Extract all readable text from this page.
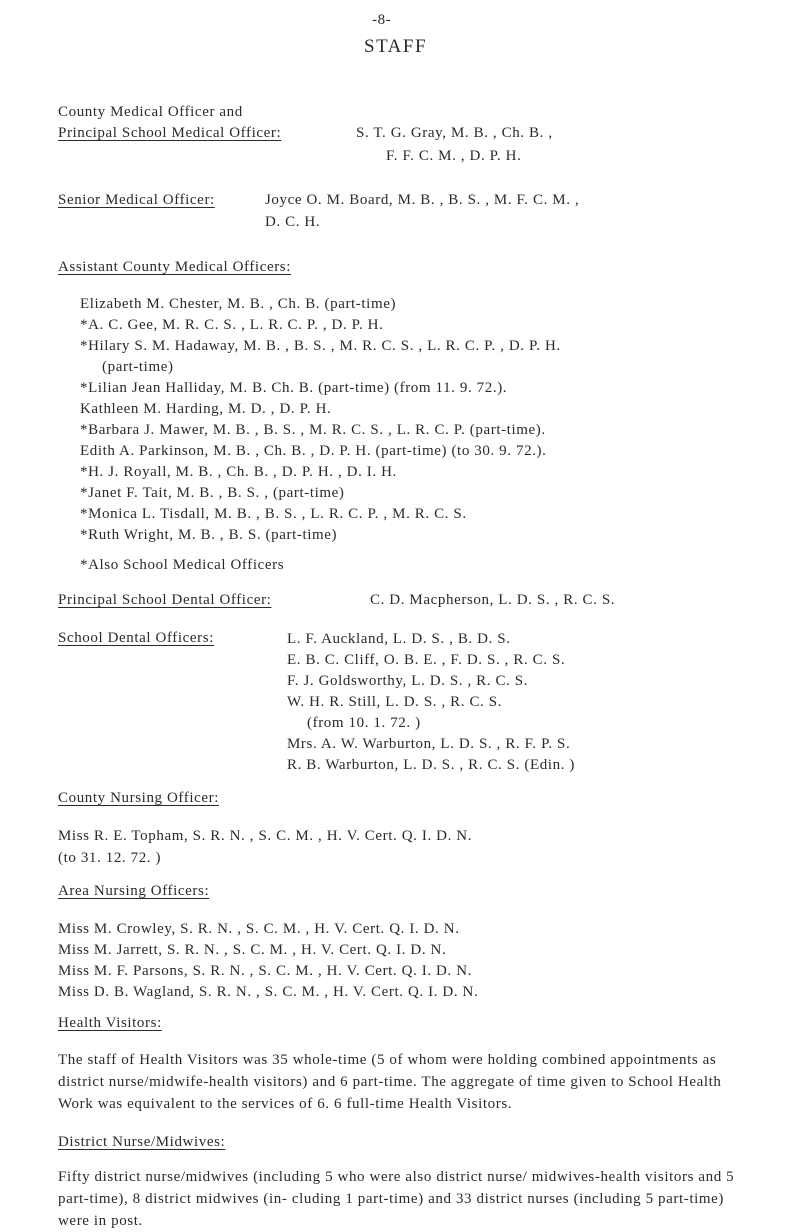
-8-
STAFF
County Medical Officer and
Principal School Medical Officer:	S. T. G. Gray, M. B. , Ch. B. ,
F. F. C. M. , D. P. H.
Senior Medical Officer:	Joyce O. M. Board, M. B. , B. S. , M. F. C. M. ,
D. C. H.
Assistant County Medical Officers:
Elizabeth M. Chester, M. B. , Ch. B. (part-time)
*A. C. Gee, M. R. C. S. , L. R. C. P. , D. P. H.
*Hilary S. M. Hadaway, M. B. , B. S. , M. R. C. S. , L. R. C. P. , D. P. H.
(part-time)
*Lilian Jean Halliday, M. B. Ch. B. (part-time) (from 11. 9. 72.).
Kathleen M. Harding, M. D. , D. P. H.
*Barbara J. Mawer, M. B. , B. S. , M. R. C. S. , L. R. C. P. (part-time).
Edith A. Parkinson, M. B. , Ch. B. , D. P. H. (part-time) (to 30. 9. 72.).
*H. J. Royall, M. B. , Ch. B. , D. P. H. , D. I. H.
*Janet F. Tait, M. B. , B. S. , (part-time)
*Monica L. Tisdall, M. B. , B. S. , L. R. C. P. , M. R. C. S.
*Ruth Wright, M. B. , B. S. (part-time)
*Also School Medical Officers
Principal School Dental Officer:	C. D. Macpherson, L. D. S. , R. C. S.
School Dental Officers:	L. F. Auckland, L. D. S. , B. D. S.
E. B. C. Cliff, O. B. E. , F. D. S. , R. C. S.
F. J. Goldsworthy, L. D. S. , R. C. S.
W. H. R. Still, L. D. S. , R. C. S.
(from 10. 1. 72. )
Mrs. A. W. Warburton, L. D. S. , R. F. P. S.
R. B. Warburton, L. D. S. , R. C. S. (Edin. )
County Nursing Officer:
Miss R. E. Topham, S. R. N. , S. C. M. , H. V. Cert. Q. I. D. N.
(to 31. 12. 72. )
Area Nursing Officers:
Miss M. Crowley, S. R. N. , S. C. M. , H. V. Cert. Q. I. D. N.
Miss M. Jarrett, S. R. N. , S. C. M. , H. V. Cert. Q. I. D. N.
Miss M. F. Parsons, S. R. N. , S. C. M. , H. V. Cert. Q. I. D. N.
Miss D. B. Wagland, S. R. N. , S. C. M. , H. V. Cert. Q. I. D. N.
Health Visitors:
The staff of Health Visitors was 35 whole-time (5 of whom were holding combined appointments as district nurse/midwife-health visitors) and 6 part-time. The aggregate of time given to School Health Work was equivalent to the services of 6. 6 full-time Health Visitors.
District Nurse/Midwives:
Fifty district nurse/midwives (including 5 who were also district nurse/ midwives-health visitors and 5 part-time), 8 district midwives (in- cluding 1 part-time) and 33 district nurses (including 5 part-time) were in post.
